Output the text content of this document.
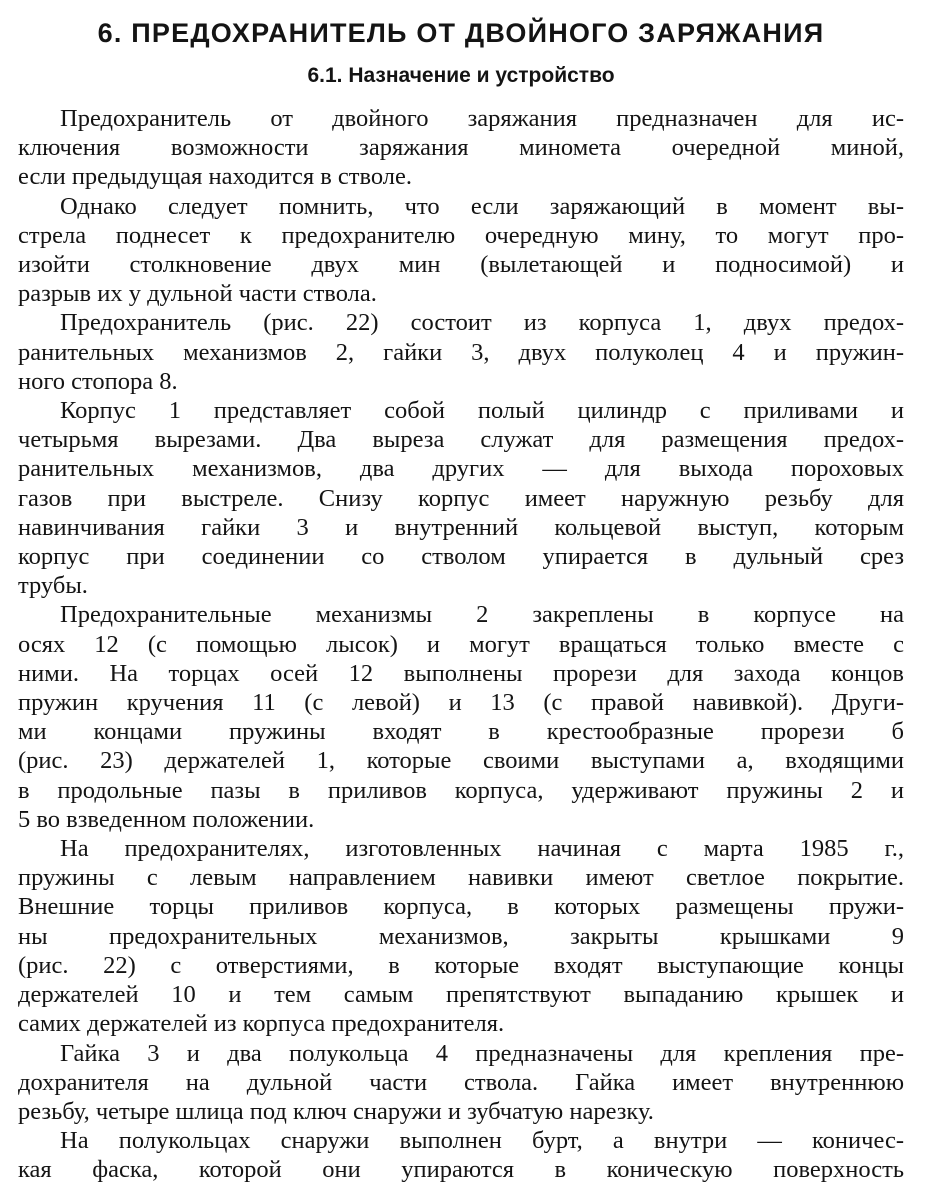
6. ПРЕДОХРАНИТЕЛЬ ОТ ДВОЙНОГО ЗАРЯЖАНИЯ
6.1. Назначение и устройство

Предохранитель от двойного заряжания предназначен для ис-
ключения возможности заряжания миномета очередной миной,
если предыдущая находится в стволе.

Однако следует помнить, что если заряжающий в момент вы-
стрела поднесет к предохранителю очередную мину, то могут про-
изойти столкновение двух мин (вылетающей и подносимой) и
разрыв их у дульной части ствола.

Предохранитель (рис. 22) состоит из корпуса 1, двух предох-
ранительных механизмов 2, гайки 3, двух полуколец 4 и пружин-
ного стопора 8.

Корпус 1 представляет собой полый цилиндр с приливами и
четырьмя вырезами. Два выреза служат для размещения предох-
ранительных механизмов, два других — для выхода пороховых
газов при выстреле. Снизу корпус имеет наружную резьбу для
навинчивания гайки 3 и внутренний кольцевой выступ, которым
корпус при соединении со стволом упирается в дульный срез
трубы.

Предохранительные механизмы 2 закреплены в корпусе на
осях 12 (с помощью лысок) и могут вращаться только вместе с
ними. На торцах осей 12 выполнены прорези для захода концов
пружин кручения 11 (с левой) и 13 (с правой навивкой). Други-
ми концами пружины входят в крестообразные прорези б
(рис. 23) держателей 1, которые своими выступами а, входящими
в продольные пазы в приливов корпуса, удерживают пружины 2 и
5 во взведенном положении.

На предохранителях, изготовленных начиная с марта 1985 г.,
пружины с левым направлением навивки имеют светлое покрытие.
Внешние торцы приливов корпуса, в которых размещены пружи-
ны предохранительных механизмов, закрыты крышками 9
(рис. 22) с отверстиями, в которые входят выступающие концы
держателей 10 и тем самым препятствуют выпаданию крышек и
самих держателей из корпуса предохранителя.

Гайка 3 и два полукольца 4 предназначены для крепления пре-
дохранителя на дульной части ствола. Гайка имеет внутреннюю
резьбу, четыре шлица под ключ снаружи и зубчатую нарезку.

На полукольцах снаружи выполнен бурт, а внутри — коничес-
кая фаска, которой они упираются в коническую поверхность
